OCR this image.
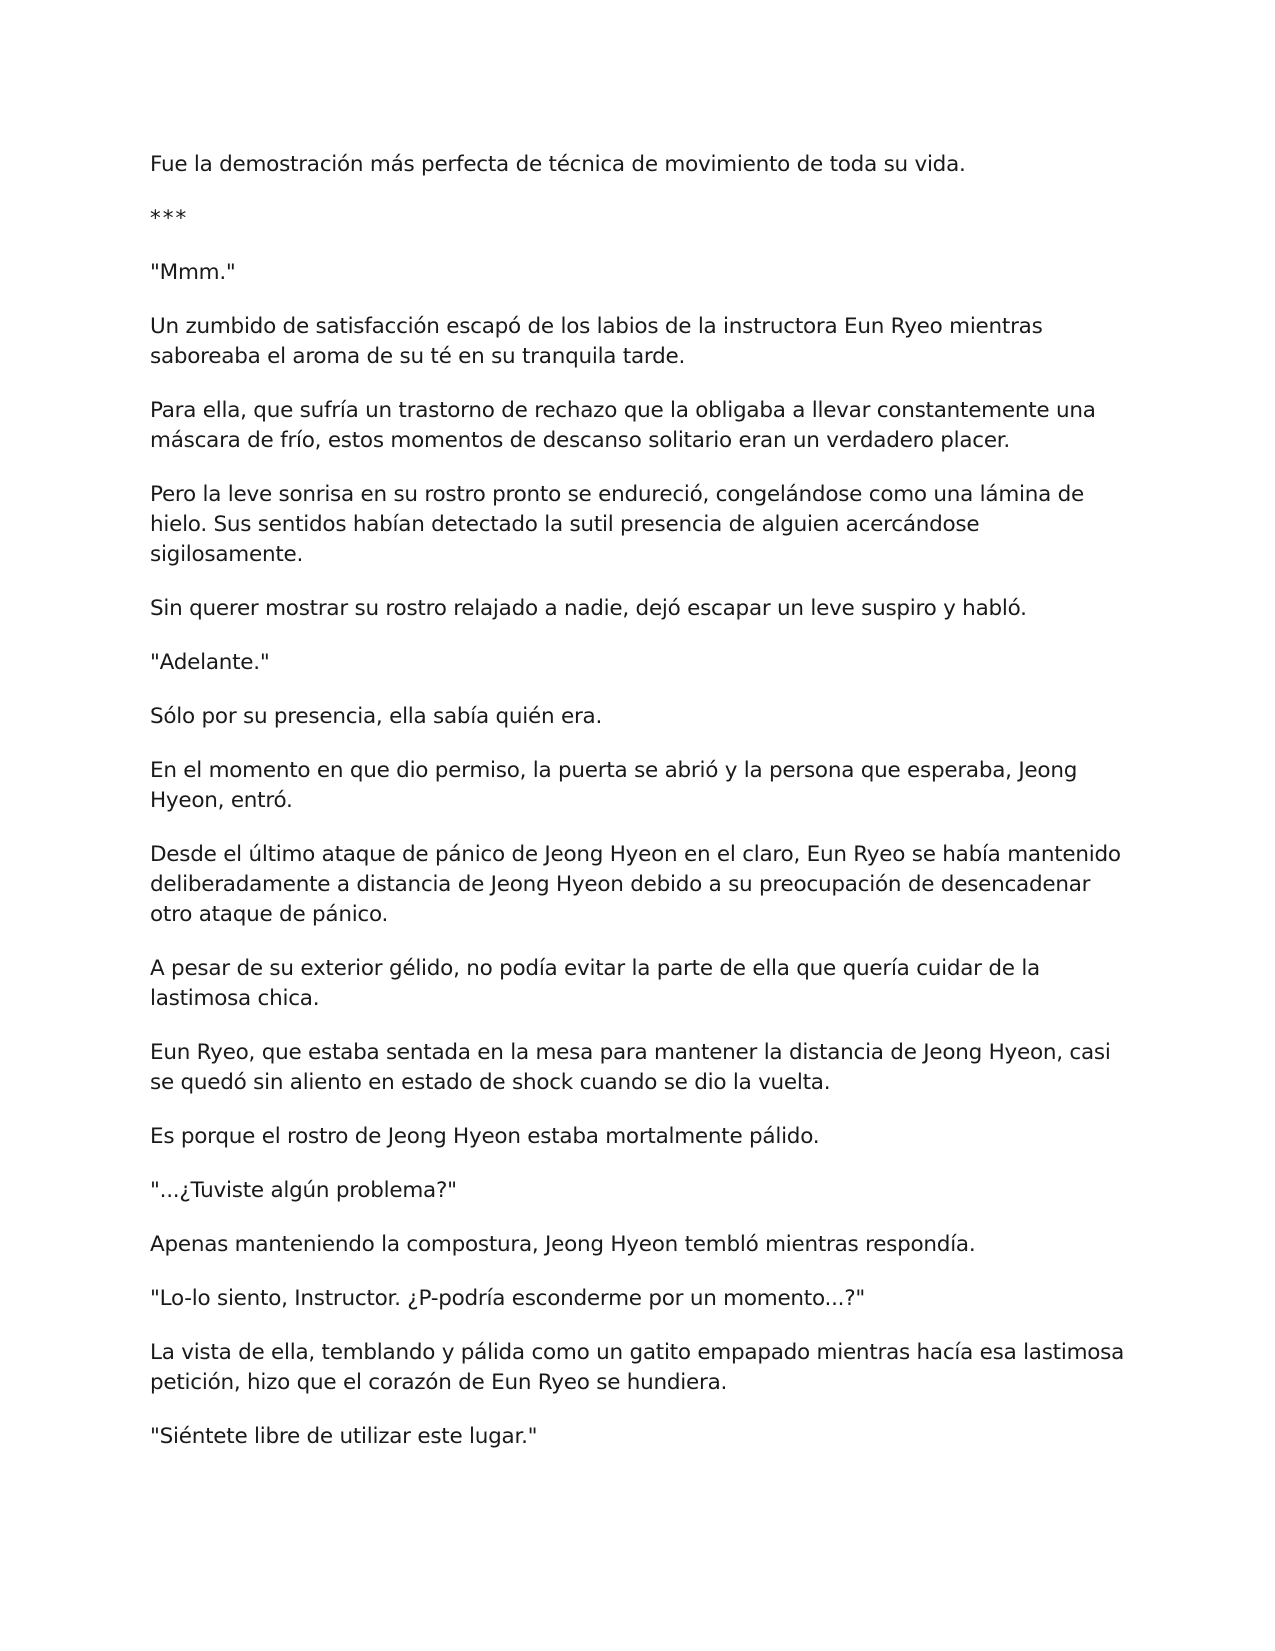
Fue la demostración más perfecta de técnica de movimiento de toda su vida.

***

"Mmm."

Un zumbido de satisfacción escapó de los labios de la instructora Eun Ryeo mientras saboreaba el aroma de su té en su tranquila tarde.

Para ella, que sufría un trastorno de rechazo que la obligaba a llevar constantemente una máscara de frío, estos momentos de descanso solitario eran un verdadero placer.

Pero la leve sonrisa en su rostro pronto se endureció, congelándose como una lámina de hielo. Sus sentidos habían detectado la sutil presencia de alguien acercándose sigilosamente.

Sin querer mostrar su rostro relajado a nadie, dejó escapar un leve suspiro y habló.

"Adelante."

Sólo por su presencia, ella sabía quién era.

En el momento en que dio permiso, la puerta se abrió y la persona que esperaba, Jeong Hyeon, entró.

Desde el último ataque de pánico de Jeong Hyeon en el claro, Eun Ryeo se había mantenido deliberadamente a distancia de Jeong Hyeon debido a su preocupación de desencadenar otro ataque de pánico.

A pesar de su exterior gélido, no podía evitar la parte de ella que quería cuidar de la lastimosa chica.

Eun Ryeo, que estaba sentada en la mesa para mantener la distancia de Jeong Hyeon, casi se quedó sin aliento en estado de shock cuando se dio la vuelta.

Es porque el rostro de Jeong Hyeon estaba mortalmente pálido.

"...¿Tuviste algún problema?"

Apenas manteniendo la compostura, Jeong Hyeon tembló mientras respondía.

"Lo-lo siento, Instructor. ¿P-podría esconderme por un momento...?"

La vista de ella, temblando y pálida como un gatito empapado mientras hacía esa lastimosa petición, hizo que el corazón de Eun Ryeo se hundiera.

"Siéntete libre de utilizar este lugar."
